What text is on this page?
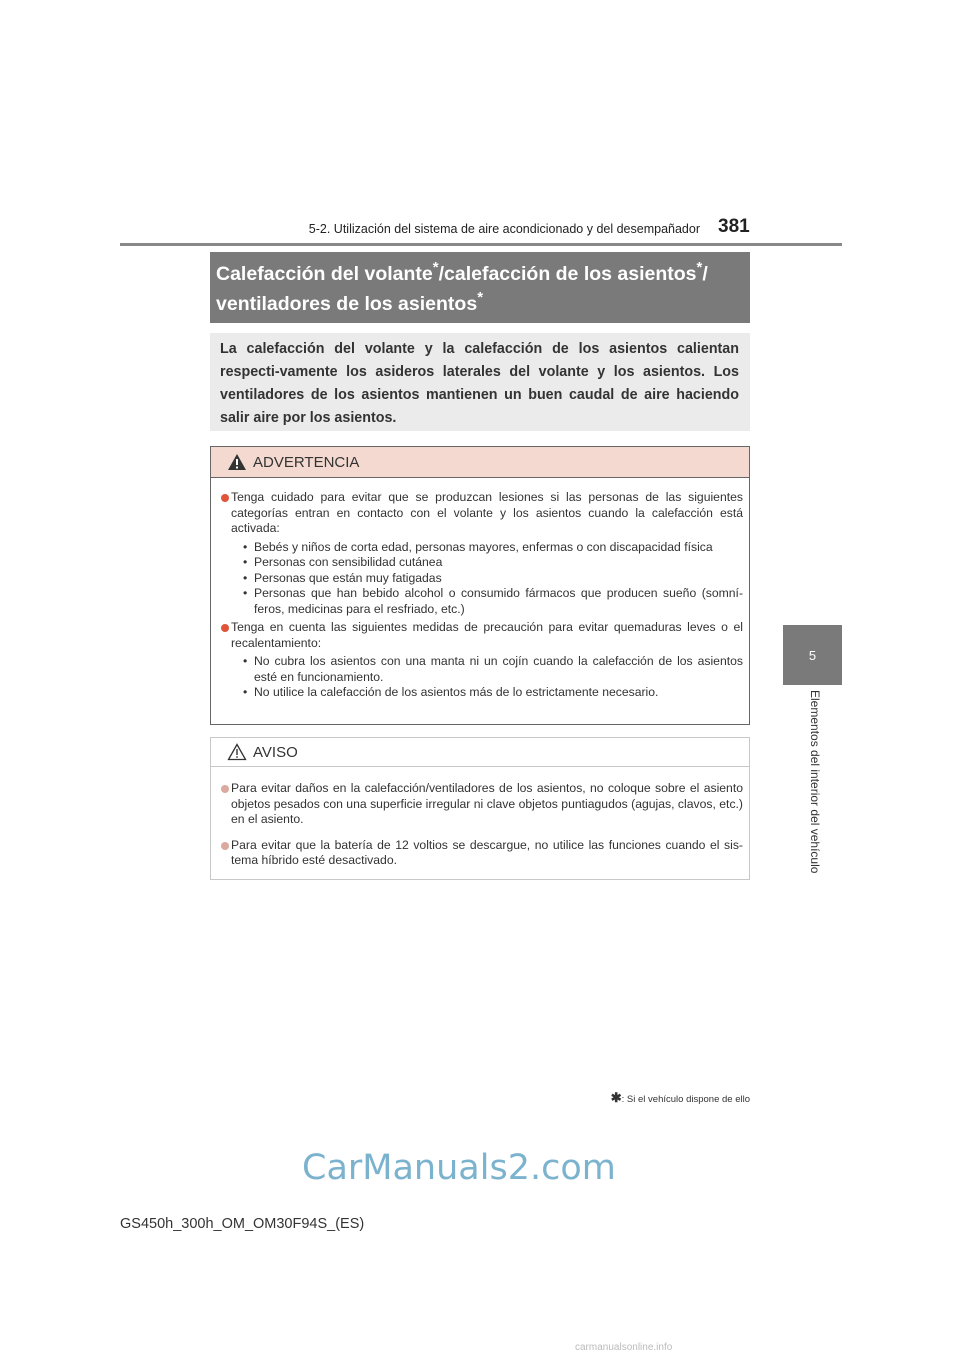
5-2. Utilización del sistema de aire acondicionado y del desempañador 381
5
Elementos del interior del vehículo
Calefacción del volante*/calefacción de los asientos*/
ventiladores de los asientos*
La calefacción del volante y la calefacción de los asientos calientan respecti-vamente los asideros laterales del volante y los asientos. Los ventiladores de los asientos mantienen un buen caudal de aire haciendo salir aire por los asientos.
ADVERTENCIA
Tenga cuidado para evitar que se produzcan lesiones si las personas de las siguientes categorías entran en contacto con el volante y los asientos cuando la calefacción está activada:
• Bebés y niños de corta edad, personas mayores, enfermas o con discapacidad física
• Personas con sensibilidad cutánea
• Personas que están muy fatigadas
• Personas que han bebido alcohol o consumido fármacos que producen sueño (somní-feros, medicinas para el resfriado, etc.)
Tenga en cuenta las siguientes medidas de precaución para evitar quemaduras leves o el recalentamiento:
• No cubra los asientos con una manta ni un cojín cuando la calefacción de los asientos esté en funcionamiento.
• No utilice la calefacción de los asientos más de lo estrictamente necesario.
AVISO
Para evitar daños en la calefacción/ventiladores de los asientos, no coloque sobre el asiento objetos pesados con una superficie irregular ni clave objetos puntiagudos (agujas, clavos, etc.) en el asiento.
Para evitar que la batería de 12 voltios se descargue, no utilice las funciones cuando el sis-tema híbrido esté desactivado.
✱: Si el vehículo dispone de ello
CarManuals2.com
GS450h_300h_OM_OM30F94S_(ES)
carmanualsonline.info
